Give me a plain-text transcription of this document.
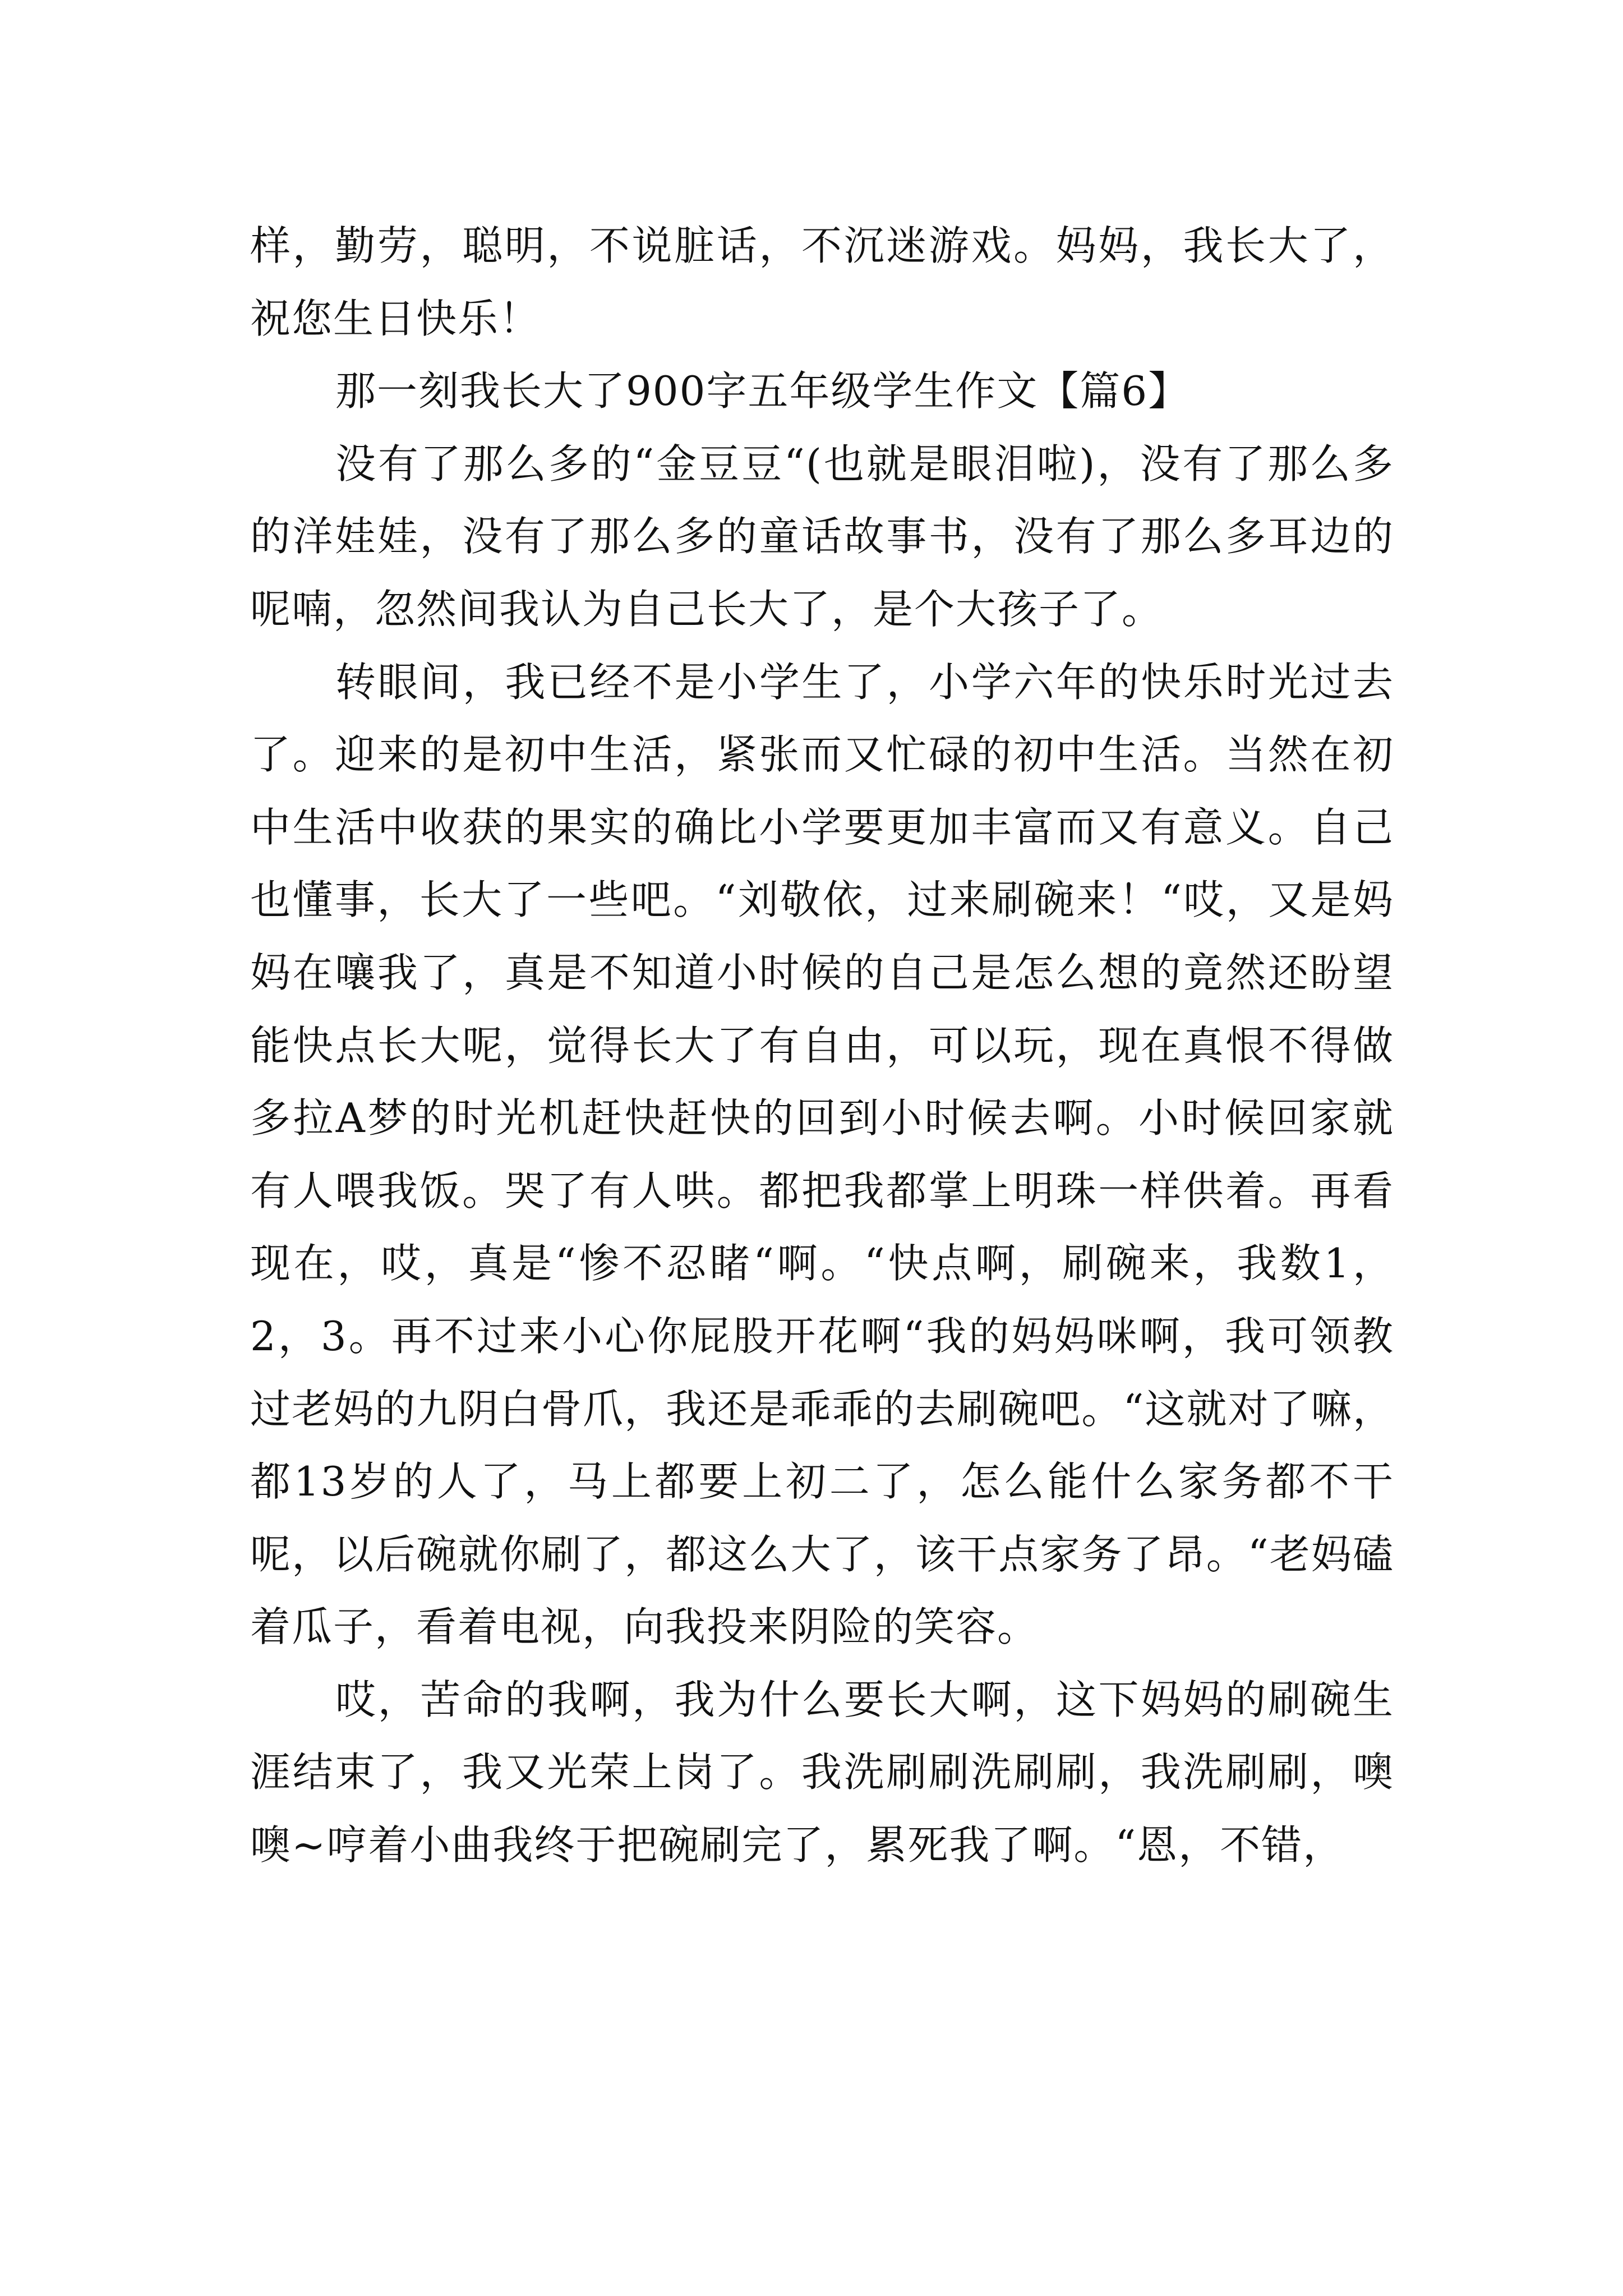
样，勤劳，聪明，不说脏话，不沉迷游戏。妈妈，我长大了，祝您生日快乐！

那一刻我长大了900字五年级学生作文【篇6】

没有了那么多的“金豆豆“(也就是眼泪啦)，没有了那么多的洋娃娃，没有了那么多的童话故事书，没有了那么多耳边的呢喃，忽然间我认为自己长大了，是个大孩子了。

转眼间，我已经不是小学生了，小学六年的快乐时光过去了。迎来的是初中生活，紧张而又忙碌的初中生活。当然在初中生活中收获的果实的确比小学要更加丰富而又有意义。自己也懂事，长大了一些吧。“刘敬依，过来刷碗来！“哎，又是妈妈在嚷我了，真是不知道小时候的自己是怎么想的竟然还盼望能快点长大呢，觉得长大了有自由，可以玩，现在真恨不得做多拉A梦的时光机赶快赶快的回到小时候去啊。小时候回家就有人喂我饭。哭了有人哄。都把我都掌上明珠一样供着。再看现在，哎，真是“惨不忍睹“啊。“快点啊，刷碗来，我数1，2，3。再不过来小心你屁股开花啊“我的妈妈咪啊，我可领教过老妈的九阴白骨爪，我还是乖乖的去刷碗吧。“这就对了嘛，都13岁的人了，马上都要上初二了，怎么能什么家务都不干呢，以后碗就你刷了，都这么大了，该干点家务了昂。“老妈磕着瓜子，看着电视，向我投来阴险的笑容。

哎，苦命的我啊，我为什么要长大啊，这下妈妈的刷碗生涯结束了，我又光荣上岗了。我洗刷刷洗刷刷，我洗刷刷，噢噢~哼着小曲我终于把碗刷完了，累死我了啊。“恩，不错，
